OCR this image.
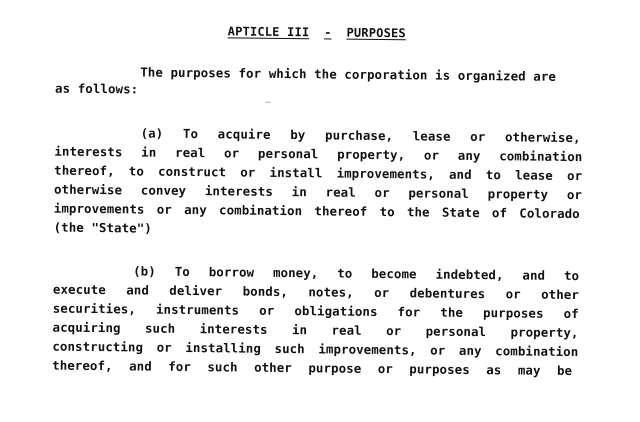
APTICLE III - PURPOSES
The purposes for which the corporation is organized are
as follows:
(a) To acquire by purchase, lease or otherwise,
interests in real or personal property, or any combination
thereof, to construct or install improvements, and to lease or
otherwise convey interests in real or personal property or
improvements or any combination thereof to the State of Colorado
(the "State")
(b) To borrow money, to become indebted, and to
execute and deliver bonds, notes, or debentures or other
securities, instruments or obligations for the purposes of
acquiring such interests in real or personal property,
constructing or installing such improvements, or any combination
thereof, and for such other purpose or purposes as may be
